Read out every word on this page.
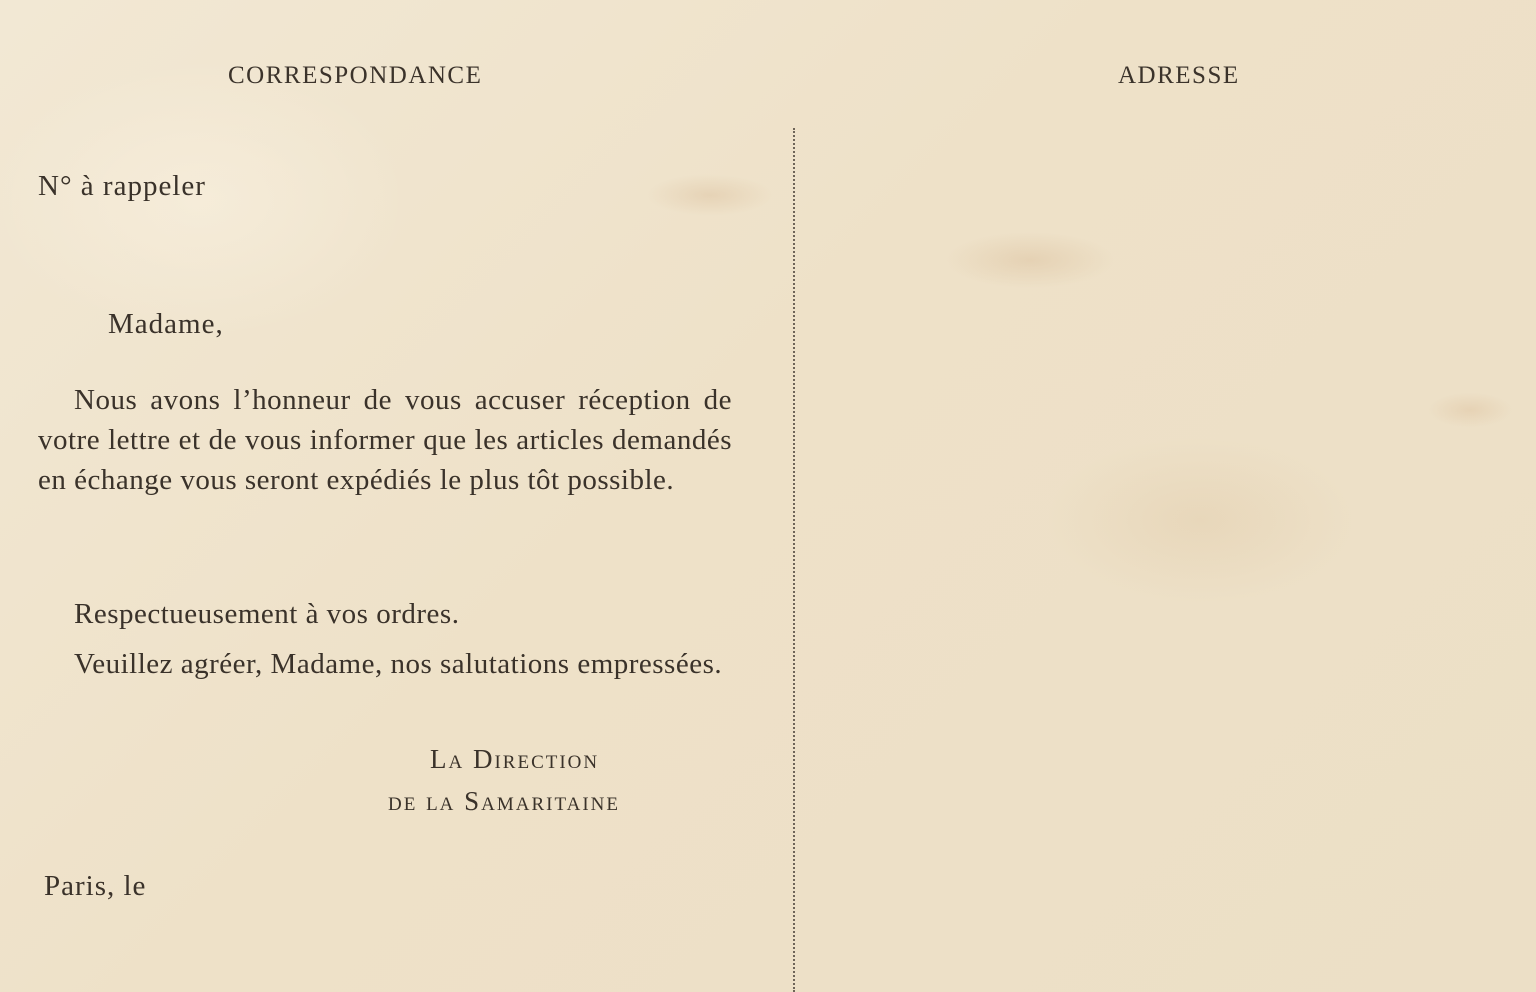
CORRESPONDANCE	ADRESSE

N° à rappeler

Madame,

Nous avons l’honneur de vous accuser réception de votre lettre et de vous informer que les articles demandés en échange vous seront expédiés le plus tôt possible.

Respectueusement à vos ordres.

Veuillez agréer, Madame, nos salutations empressées.

La Direction
de la Samaritaine

Paris, le
